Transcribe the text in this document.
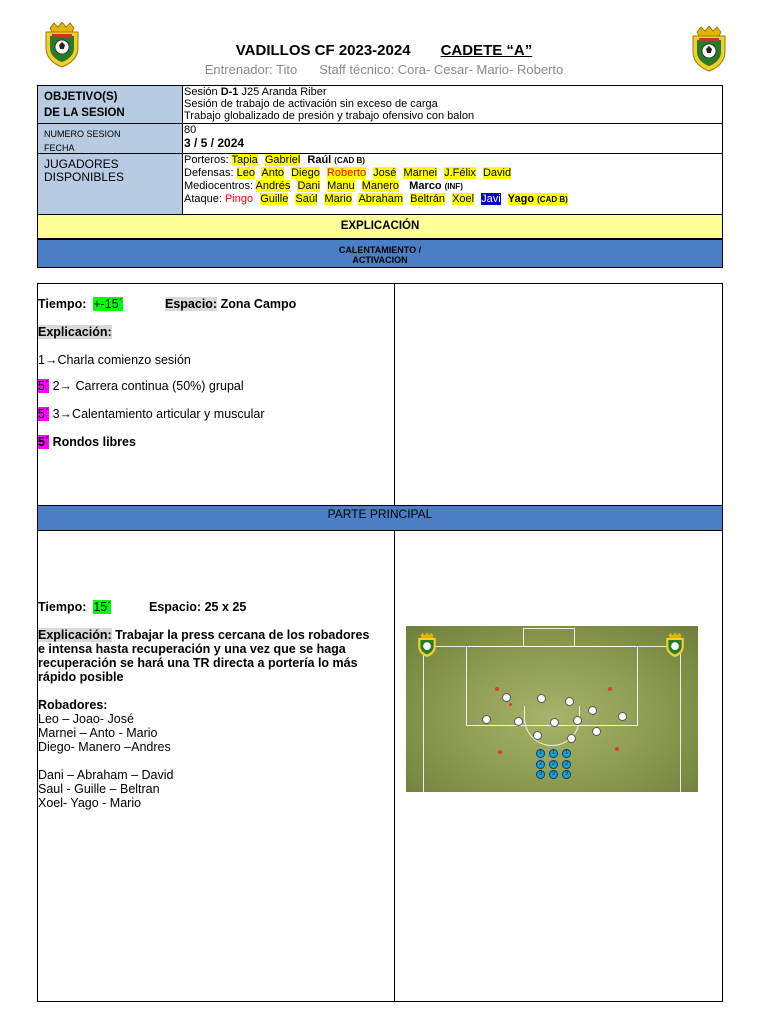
VADILLOS CF 2023-2024 CADETE “A”
Entrenador: Tito Staff técnico: Cora- Cesar- Mario- Roberto
OBJETIVO(S)
DE LA SESION
Sesión D-1 J25 Aranda Riber
Sesión de trabajo de activación sin exceso de carga
Trabajo globalizado de presión y trabajo ofensivo con balon
NUMERO SESION
FECHA
80
3 / 5 / 2024
JUGADORES
DISPONIBLES
Porteros: Tapia Gabriel Raúl (CAD B)
Defensas: Leo Anto Diego Roberto José Marnei J.Félix David
Mediocentros: Andrés Dani Manu Manero Marco (INF)
Ataque: Pingo Guille Saúl Mario Abraham Beltrán Xoel Javi Yago (CAD B)
EXPLICACIÓN
CALENTAMIENTO /
ACTIVACION
Tiempo: +-15´	Espacio: Zona Campo
Explicación:
1→Charla comienzo sesión
5´ 2→ Carrera continua (50%) grupal
5´ 3→Calentamiento articular y muscular
5´ Rondos libres
PARTE PRINCIPAL
Tiempo: 15´	Espacio: 25 x 25
Explicación: Trabajar la press cercana de los robadores
e intensa hasta recuperación y una vez que se haga
recuperación se hará una TR directa a portería lo más
rápido posible
Robadores:
Leo – Joao- José
Marnei – Anto - Mario
Diego- Manero –Andres
Dani – Abraham – David
Saul - Guille – Beltran
Xoel- Yago - Mario
1	1	1
2	2	2
3	3	3
